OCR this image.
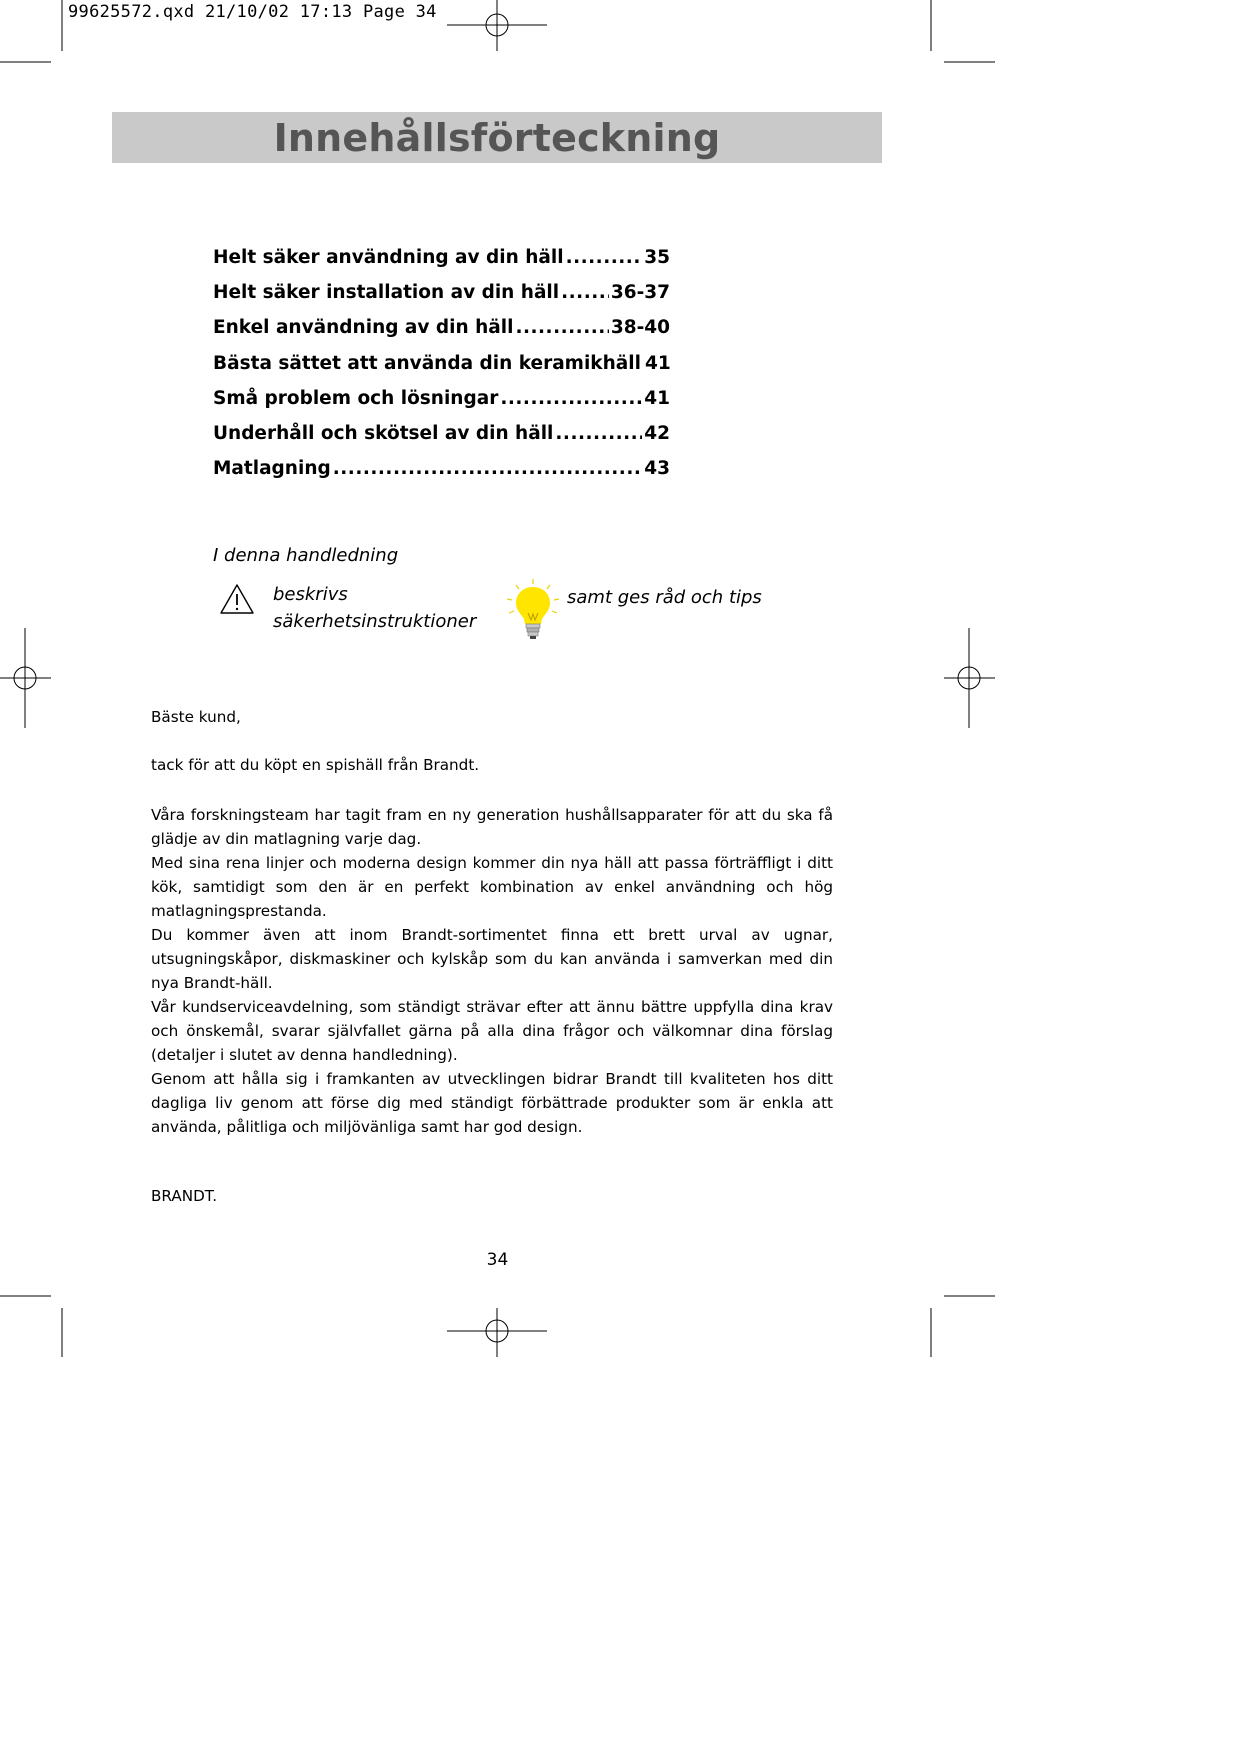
99625572.qxd 21/10/02 17:13 Page 34
Innehållsförteckning
Helt säker användning av din häll .....	35
Helt säker installation av din häll .....	36-37
Enkel användning av din häll .....	38-40
Bästa sättet att använda din keramikhäll 41
Små problem och lösningar .....	41
Underhåll och skötsel av din häll .....	42
Matlagning .....	43
I denna handledning
beskrivs
säkerhetsinstruktioner
samt ges råd och tips
Bäste kund,
tack för att du köpt en spishäll från Brandt.

Våra forskningsteam har tagit fram en ny generation hushållsapparater för att du ska få glädje av din matlagning varje dag.

Med sina rena linjer och moderna design kommer din nya häll att passa förträffligt i ditt kök, samtidigt som den är en perfekt kombination av enkel användning och hög matlagningsprestanda.

Du kommer även att inom Brandt-sortimentet finna ett brett urval av ugnar, utsugningskåpor, diskmaskiner och kylskåp som du kan använda i samverkan med din nya Brandt-häll.

Vår kundserviceavdelning, som ständigt strävar efter att ännu bättre uppfylla dina krav och önskemål, svarar självfallet gärna på alla dina frågor och välkomnar dina förslag (detaljer i slutet av denna handledning).

Genom att hålla sig i framkanten av utvecklingen bidrar Brandt till kvaliteten hos ditt dagliga liv genom att förse dig med ständigt förbättrade produkter som är enkla att använda, pålitliga och miljövänliga samt har god design.

BRANDT.
34
